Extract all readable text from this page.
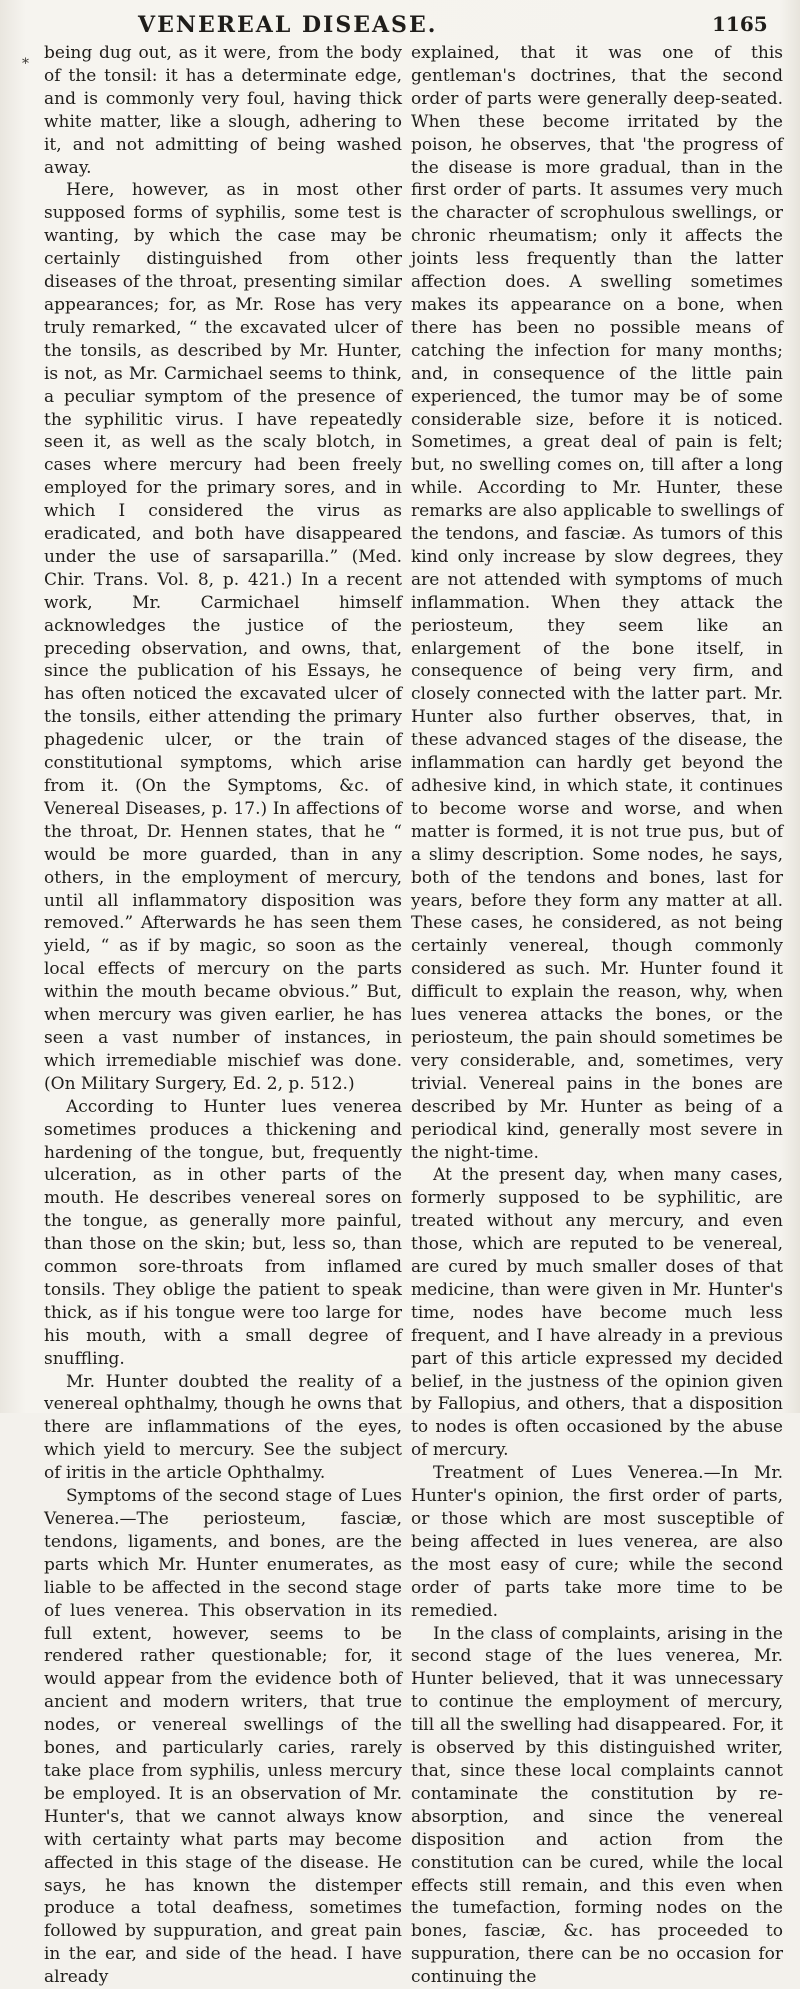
VENEREAL DISEASE.	1165
*

being dug out, as it were, from the body of the tonsil: it has a determinate edge, and is commonly very foul, having thick white matter, like a slough, adhering to it, and not admitting of being washed away.

Here, however, as in most other supposed forms of syphilis, some test is wanting, by which the case may be certainly distinguished from other diseases of the throat, presenting similar appearances; for, as Mr. Rose has very truly remarked, “ the excavated ulcer of the tonsils, as described by Mr. Hunter, is not, as Mr. Carmichael seems to think, a peculiar symptom of the presence of the syphilitic virus. I have repeatedly seen it, as well as the scaly blotch, in cases where mercury had been freely employed for the primary sores, and in which I considered the virus as eradicated, and both have disappeared under the use of sarsaparilla.” (Med. Chir. Trans. Vol. 8, p. 421.) In a recent work, Mr. Carmichael himself acknowledges the justice of the preceding observation, and owns, that, since the publication of his Essays, he has often noticed the excavated ulcer of the tonsils, either attending the primary phagedenic ulcer, or the train of constitutional symptoms, which arise from it. (On the Symptoms, &c. of Venereal Diseases, p. 17.) In affections of the throat, Dr. Hennen states, that he “ would be more guarded, than in any others, in the employment of mercury, until all inflammatory disposition was removed.” Afterwards he has seen them yield, “ as if by magic, so soon as the local effects of mercury on the parts within the mouth became obvious.” But, when mercury was given earlier, he has seen a vast number of instances, in which irremediable mischief was done. (On Military Surgery, Ed. 2, p. 512.)

According to Hunter lues venerea sometimes produces a thickening and hardening of the tongue, but, frequently ulceration, as in other parts of the mouth. He describes venereal sores on the tongue, as generally more painful, than those on the skin; but, less so, than common sore-throats from inflamed tonsils. They oblige the patient to speak thick, as if his tongue were too large for his mouth, with a small degree of snuffling.

Mr. Hunter doubted the reality of a venereal ophthalmy, though he owns that there are inflammations of the eyes, which yield to mercury. See the subject of iritis in the article Ophthalmy.

Symptoms of the second stage of Lues Venerea.—The periosteum, fasciæ, tendons, ligaments, and bones, are the parts which Mr. Hunter enumerates, as liable to be affected in the second stage of lues venerea. This observation in its full extent, however, seems to be rendered rather questionable; for, it would appear from the evidence both of ancient and modern writers, that true nodes, or venereal swellings of the bones, and particularly caries, rarely take place from syphilis, unless mercury be employed. It is an observation of Mr. Hunter's, that we cannot always know with certainty what parts may become affected in this stage of the disease. He says, he has known the distemper produce a total deafness, sometimes followed by suppuration, and great pain in the ear, and side of the head. I have already

explained, that it was one of this gentleman's doctrines, that the second order of parts were generally deep-seated. When these become irritated by the poison, he observes, that 'the progress of the disease is more gradual, than in the first order of parts. It assumes very much the character of scrophulous swellings, or chronic rheumatism; only it affects the joints less frequently than the latter affection does. A swelling sometimes makes its appearance on a bone, when there has been no possible means of catching the infection for many months; and, in consequence of the little pain experienced, the tumor may be of some considerable size, before it is noticed. Sometimes, a great deal of pain is felt; but, no swelling comes on, till after a long while. According to Mr. Hunter, these remarks are also applicable to swellings of the tendons, and fasciæ. As tumors of this kind only increase by slow degrees, they are not attended with symptoms of much inflammation. When they attack the periosteum, they seem like an enlargement of the bone itself, in consequence of being very firm, and closely connected with the latter part. Mr. Hunter also further observes, that, in these advanced stages of the disease, the inflammation can hardly get beyond the adhesive kind, in which state, it continues to become worse and worse, and when matter is formed, it is not true pus, but of a slimy description. Some nodes, he says, both of the tendons and bones, last for years, before they form any matter at all. These cases, he considered, as not being certainly venereal, though commonly considered as such. Mr. Hunter found it difficult to explain the reason, why, when lues venerea attacks the bones, or the periosteum, the pain should sometimes be very considerable, and, sometimes, very trivial. Venereal pains in the bones are described by Mr. Hunter as being of a periodical kind, generally most severe in the night-time.

At the present day, when many cases, formerly supposed to be syphilitic, are treated without any mercury, and even those, which are reputed to be venereal, are cured by much smaller doses of that medicine, than were given in Mr. Hunter's time, nodes have become much less frequent, and I have already in a previous part of this article expressed my decided belief, in the justness of the opinion given by Fallopius, and others, that a disposition to nodes is often occasioned by the abuse of mercury.

Treatment of Lues Venerea.—In Mr. Hunter's opinion, the first order of parts, or those which are most susceptible of being affected in lues venerea, are also the most easy of cure; while the second order of parts take more time to be remedied.

In the class of complaints, arising in the second stage of the lues venerea, Mr. Hunter believed, that it was unnecessary to continue the employment of mercury, till all the swelling had disappeared. For, it is observed by this distinguished writer, that, since these local complaints cannot contaminate the constitution by re-absorption, and since the venereal disposition and action from the constitution can be cured, while the local effects still remain, and this even when the tumefaction, forming nodes on the bones, fasciæ, &c. has proceeded to suppuration, there can be no occasion for continuing the
